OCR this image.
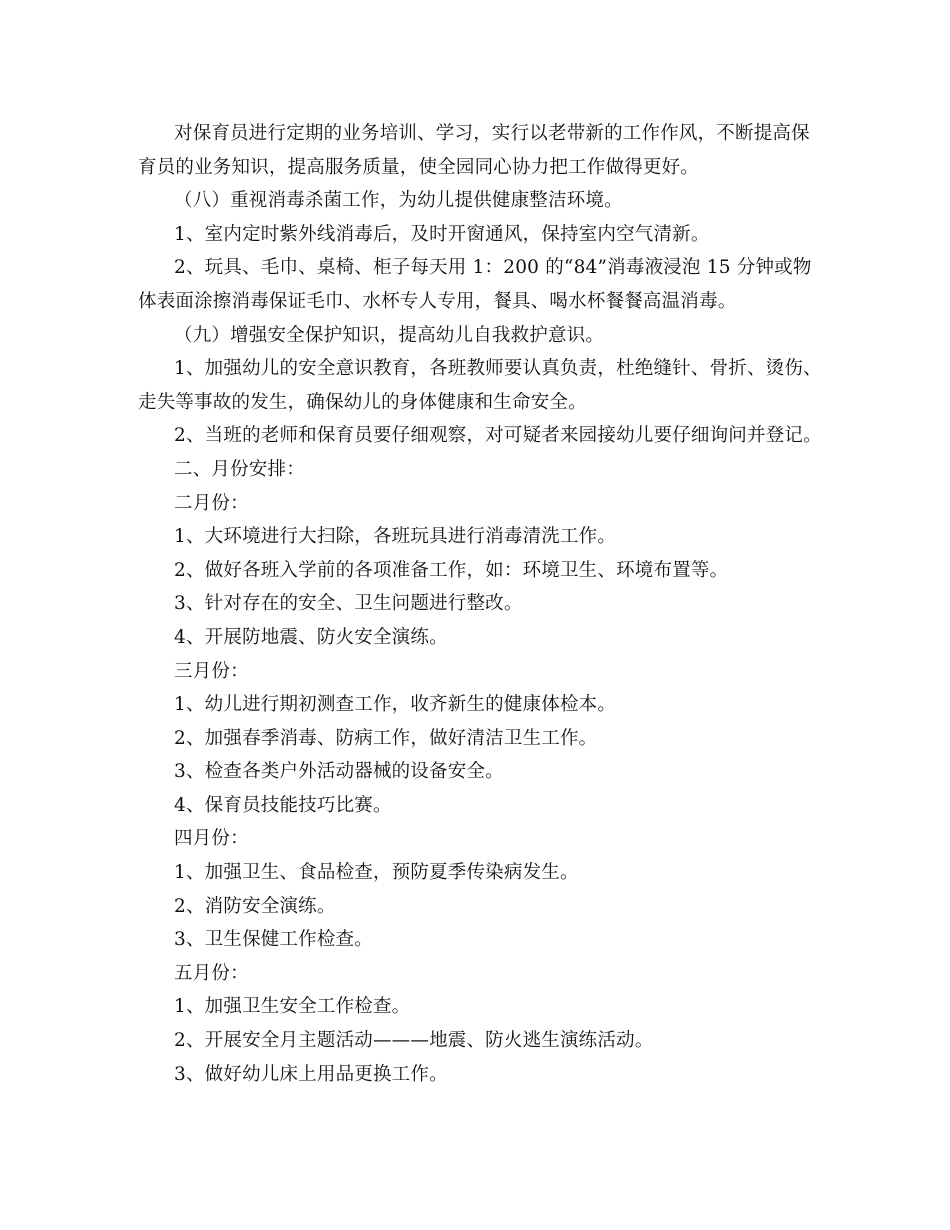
对保育员进行定期的业务培训、学习，实行以老带新的工作作风，不断提高保
育员的业务知识，提高服务质量，使全园同心协力把工作做得更好。
（八）重视消毒杀菌工作，为幼儿提供健康整洁环境。
1、室内定时紫外线消毒后，及时开窗通风，保持室内空气清新。
2、玩具、毛巾、桌椅、柜子每天用 1：200 的“84”消毒液浸泡 15 分钟或物
体表面涂擦消毒保证毛巾、水杯专人专用，餐具、喝水杯餐餐高温消毒。
（九）增强安全保护知识，提高幼儿自我救护意识。
1、加强幼儿的安全意识教育，各班教师要认真负责，杜绝缝针、骨折、烫伤、
走失等事故的发生，确保幼儿的身体健康和生命安全。
2、当班的老师和保育员要仔细观察，对可疑者来园接幼儿要仔细询问并登记。
二、月份安排：
二月份：
1、大环境进行大扫除，各班玩具进行消毒清洗工作。
2、做好各班入学前的各项准备工作，如：环境卫生、环境布置等。
3、针对存在的安全、卫生问题进行整改。
4、开展防地震、防火安全演练。
三月份：
1、幼儿进行期初测查工作，收齐新生的健康体检本。
2、加强春季消毒、防病工作，做好清洁卫生工作。
3、检查各类户外活动器械的设备安全。
4、保育员技能技巧比赛。
四月份：
1、加强卫生、食品检查，预防夏季传染病发生。
2、消防安全演练。
3、卫生保健工作检查。
五月份：
1、加强卫生安全工作检查。
2、开展安全月主题活动———地震、防火逃生演练活动。
3、做好幼儿床上用品更换工作。
